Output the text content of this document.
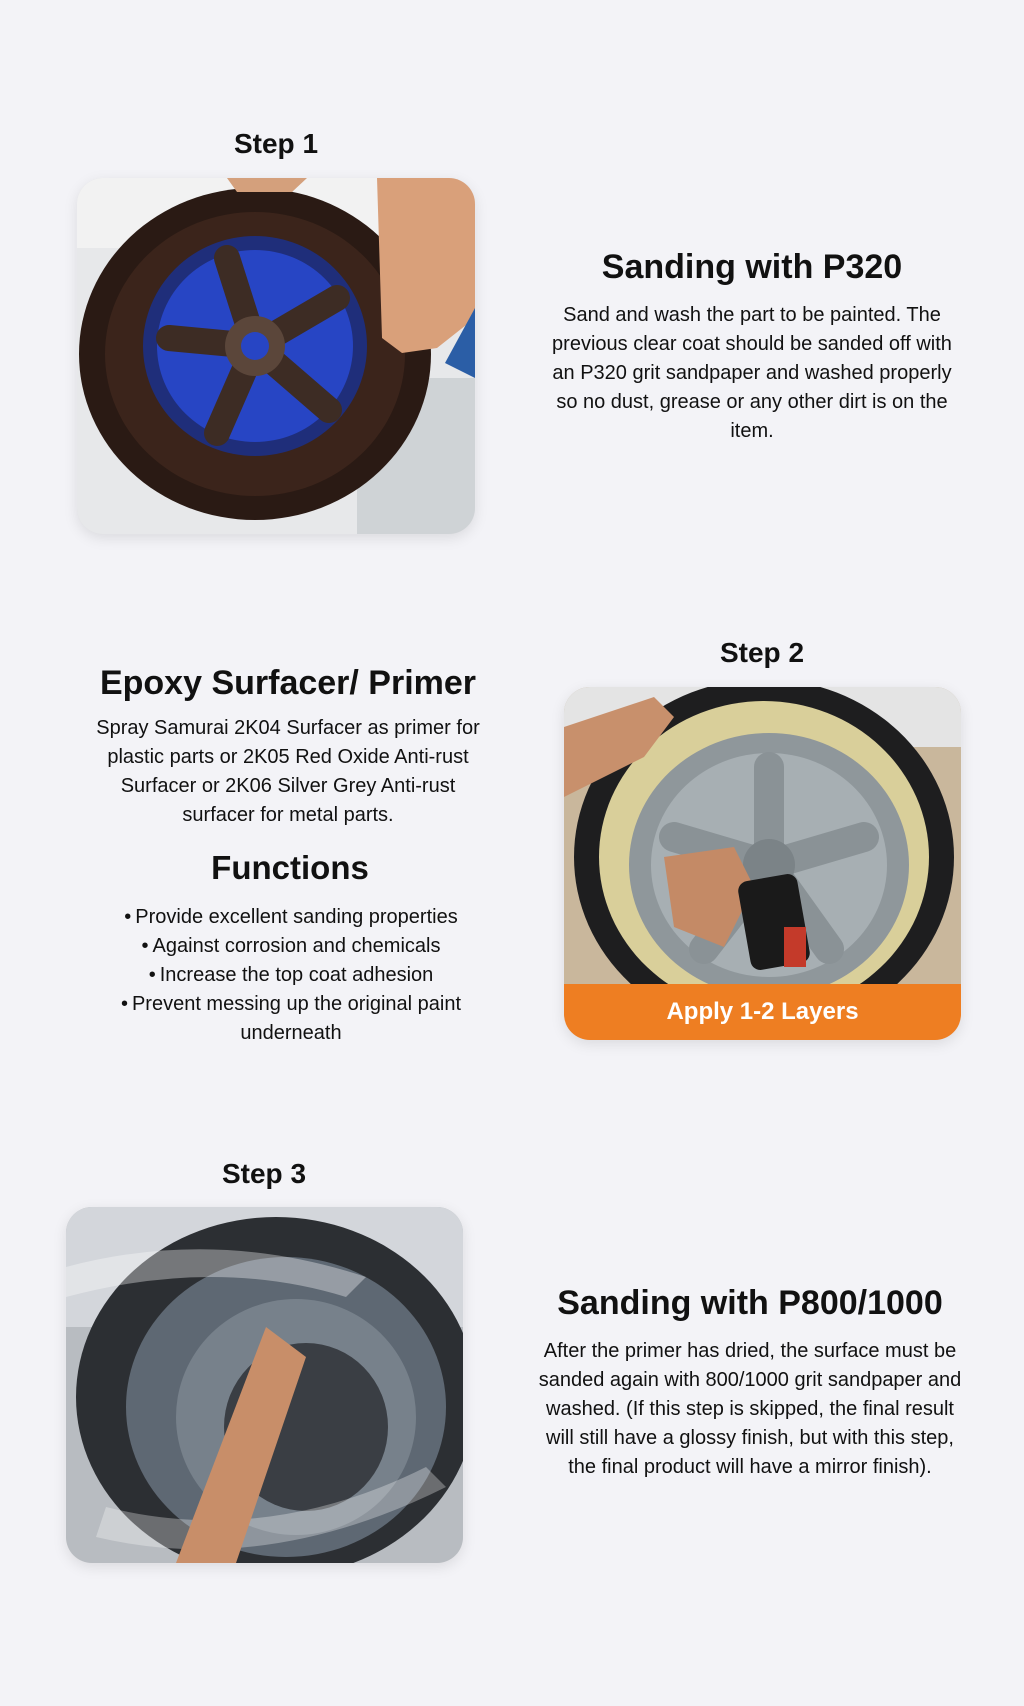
Step 1
Sanding with P320
Sand and wash the part to be painted. The previous clear coat should be sanded off with an P320 grit sandpaper and washed properly so no dust, grease or any other dirt is on the item.
Epoxy Surfacer/ Primer
Spray Samurai 2K04 Surfacer as primer for plastic parts or 2K05 Red Oxide Anti-rust Surfacer or 2K06 Silver Grey Anti-rust surfacer for metal parts.
Functions
• Provide excellent sanding properties
• Against corrosion and chemicals
• Increase the top coat adhesion
• Prevent messing up the original paint underneath
Step 2
Apply 1-2 Layers
Step 3
Sanding with P800/1000
After the primer has dried, the surface must be sanded again with 800/1000 grit sandpaper and washed. (If this step is skipped, the final result will still have a glossy finish, but with this step, the final product will have a mirror finish).
